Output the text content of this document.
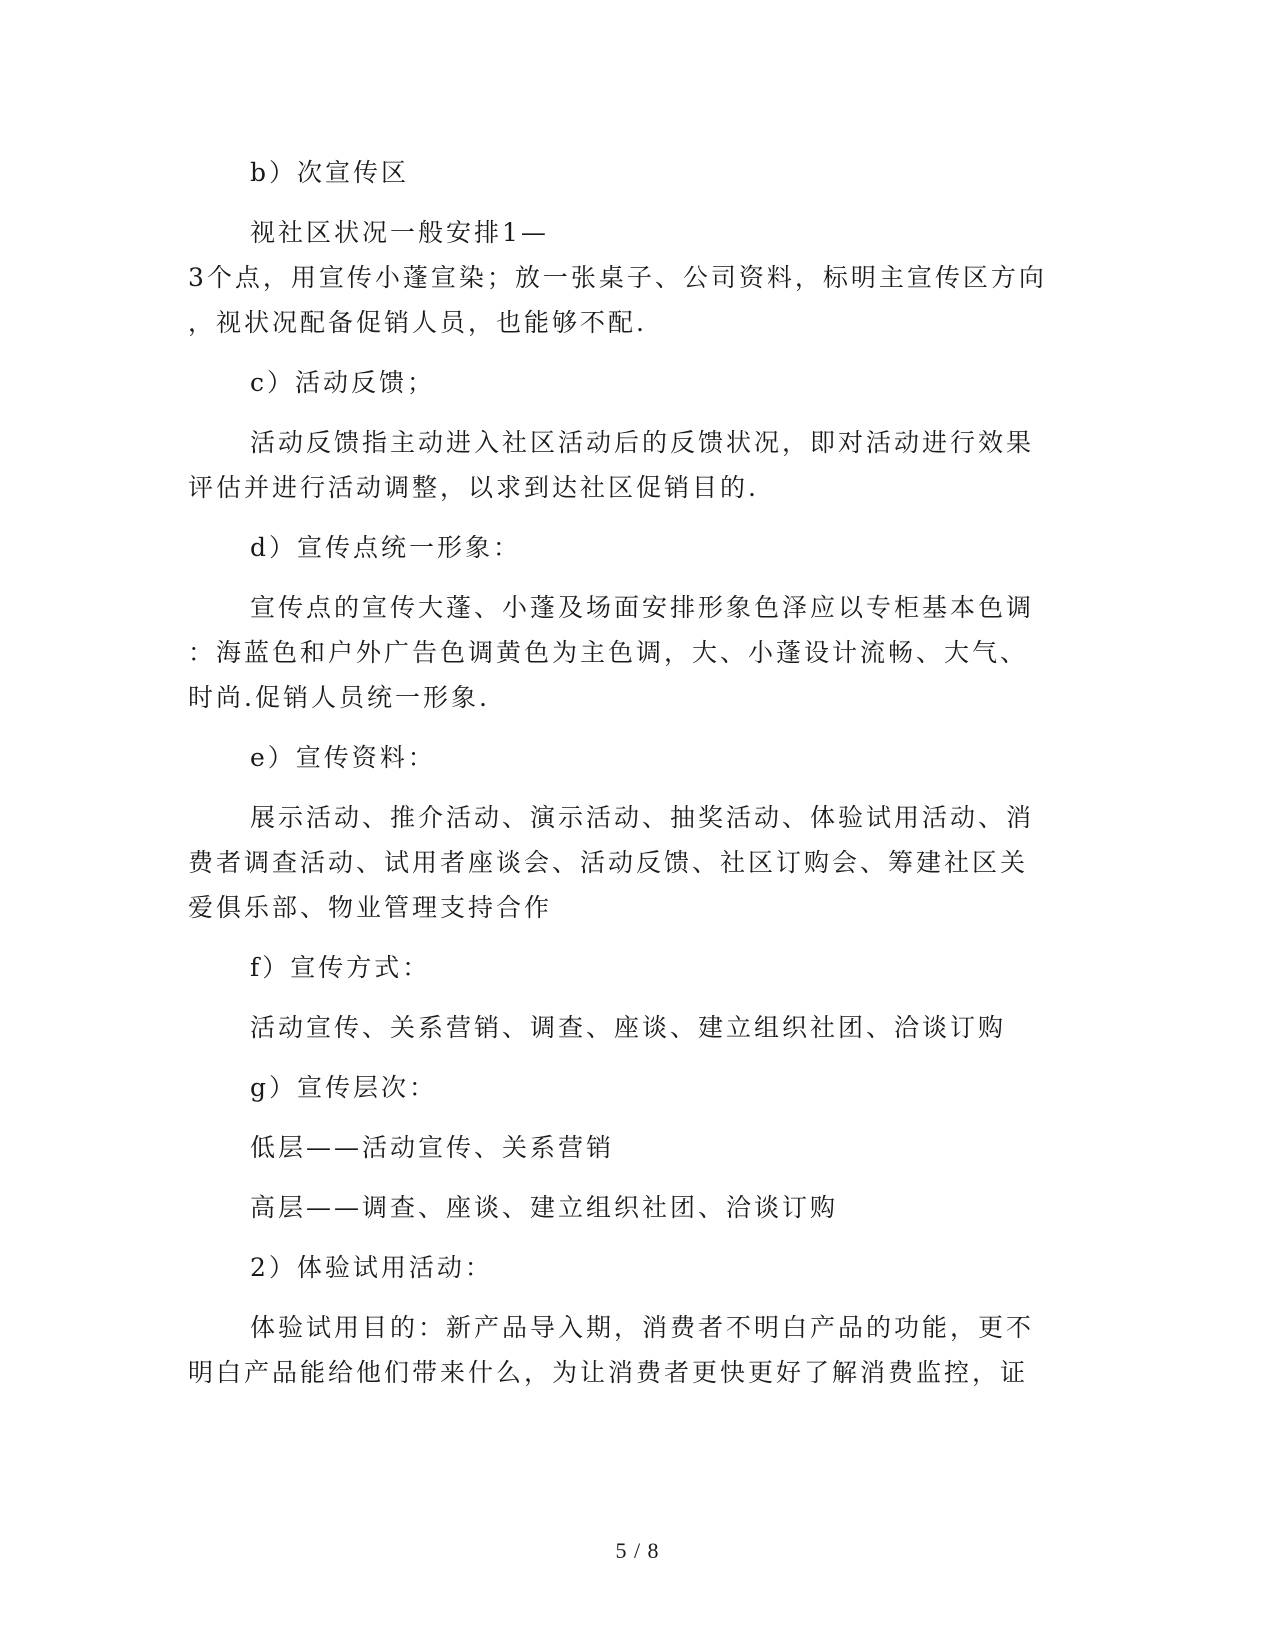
b）次宣传区

视社区状况一般安排1—

3个点，用宣传小蓬宣染；放一张桌子、公司资料，标明主宣传区方向

，视状况配备促销人员，也能够不配.

c）活动反馈；

活动反馈指主动进入社区活动后的反馈状况，即对活动进行效果

评估并进行活动调整，以求到达社区促销目的.

d）宣传点统一形象：

宣传点的宣传大蓬、小蓬及场面安排形象色泽应以专柜基本色调

：海蓝色和户外广告色调黄色为主色调，大、小蓬设计流畅、大气、

时尚.促销人员统一形象.

e）宣传资料：

展示活动、推介活动、演示活动、抽奖活动、体验试用活动、消

费者调查活动、试用者座谈会、活动反馈、社区订购会、筹建社区关

爱俱乐部、物业管理支持合作

f）宣传方式：

活动宣传、关系营销、调查、座谈、建立组织社团、洽谈订购

g）宣传层次：

低层——活动宣传、关系营销

高层——调查、座谈、建立组织社团、洽谈订购

2）体验试用活动：

体验试用目的：新产品导入期，消费者不明白产品的功能，更不

明白产品能给他们带来什么，为让消费者更快更好了解消费监控，证

5 / 8
